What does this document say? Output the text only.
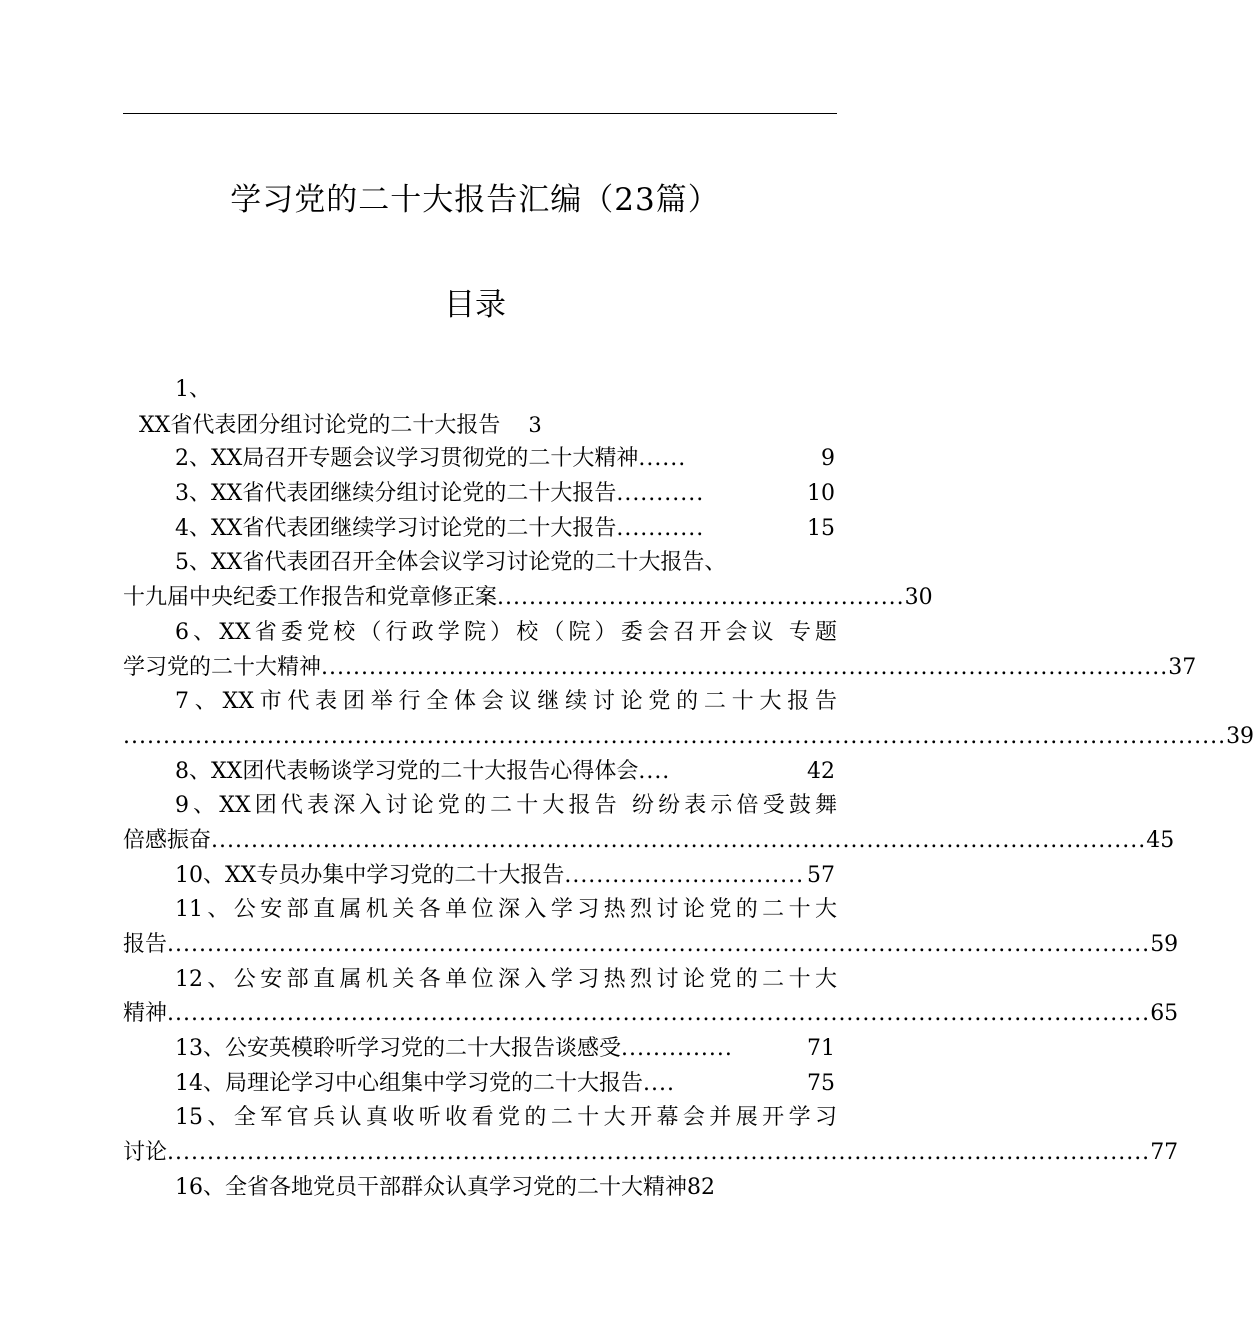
学习党的二十大报告汇编（23篇）
目录
1、
XX省代表团分组讨论党的二十大报告 3
2、XX局召开专题会议学习贯彻党的二十大精神 ......	9
3、XX省代表团继续分组讨论党的二十大报告 ...........	10
4、XX省代表团继续学习讨论党的二十大报告 ...........	15
5、XX省代表团召开全体会议学习讨论党的二十大报告、
十九届中央纪委工作报告和党章修正案 ................................................... 30
6、XX省委党校（行政学院）校（院）委会召开会议 专题
学习党的二十大精神 .......................................................................................................... 37
7、XX市代表团举行全体会议继续讨论党的二十大报告
.......................................................................................................................................... 39
8、XX团代表畅谈学习党的二十大报告心得体会 ....	42
9、XX团代表深入讨论党的二十大报告 纷纷表示倍受鼓舞
倍感振奋 ..................................................................................................................... 45
10、XX专员办集中学习党的二十大报告 .............................. 57
11、公安部直属机关各单位深入学习热烈讨论党的二十大
报告 ........................................................................................................................... 59
12、公安部直属机关各单位深入学习热烈讨论党的二十大
精神 ........................................................................................................................... 65
13、公安英模聆听学习党的二十大报告谈感受 ..............	71
14、局理论学习中心组集中学习党的二十大报告 ....	75
15、全军官兵认真收听收看党的二十大开幕会并展开学习
讨论 ........................................................................................................................... 77
16、全省各地党员干部群众认真学习党的二十大精神82
